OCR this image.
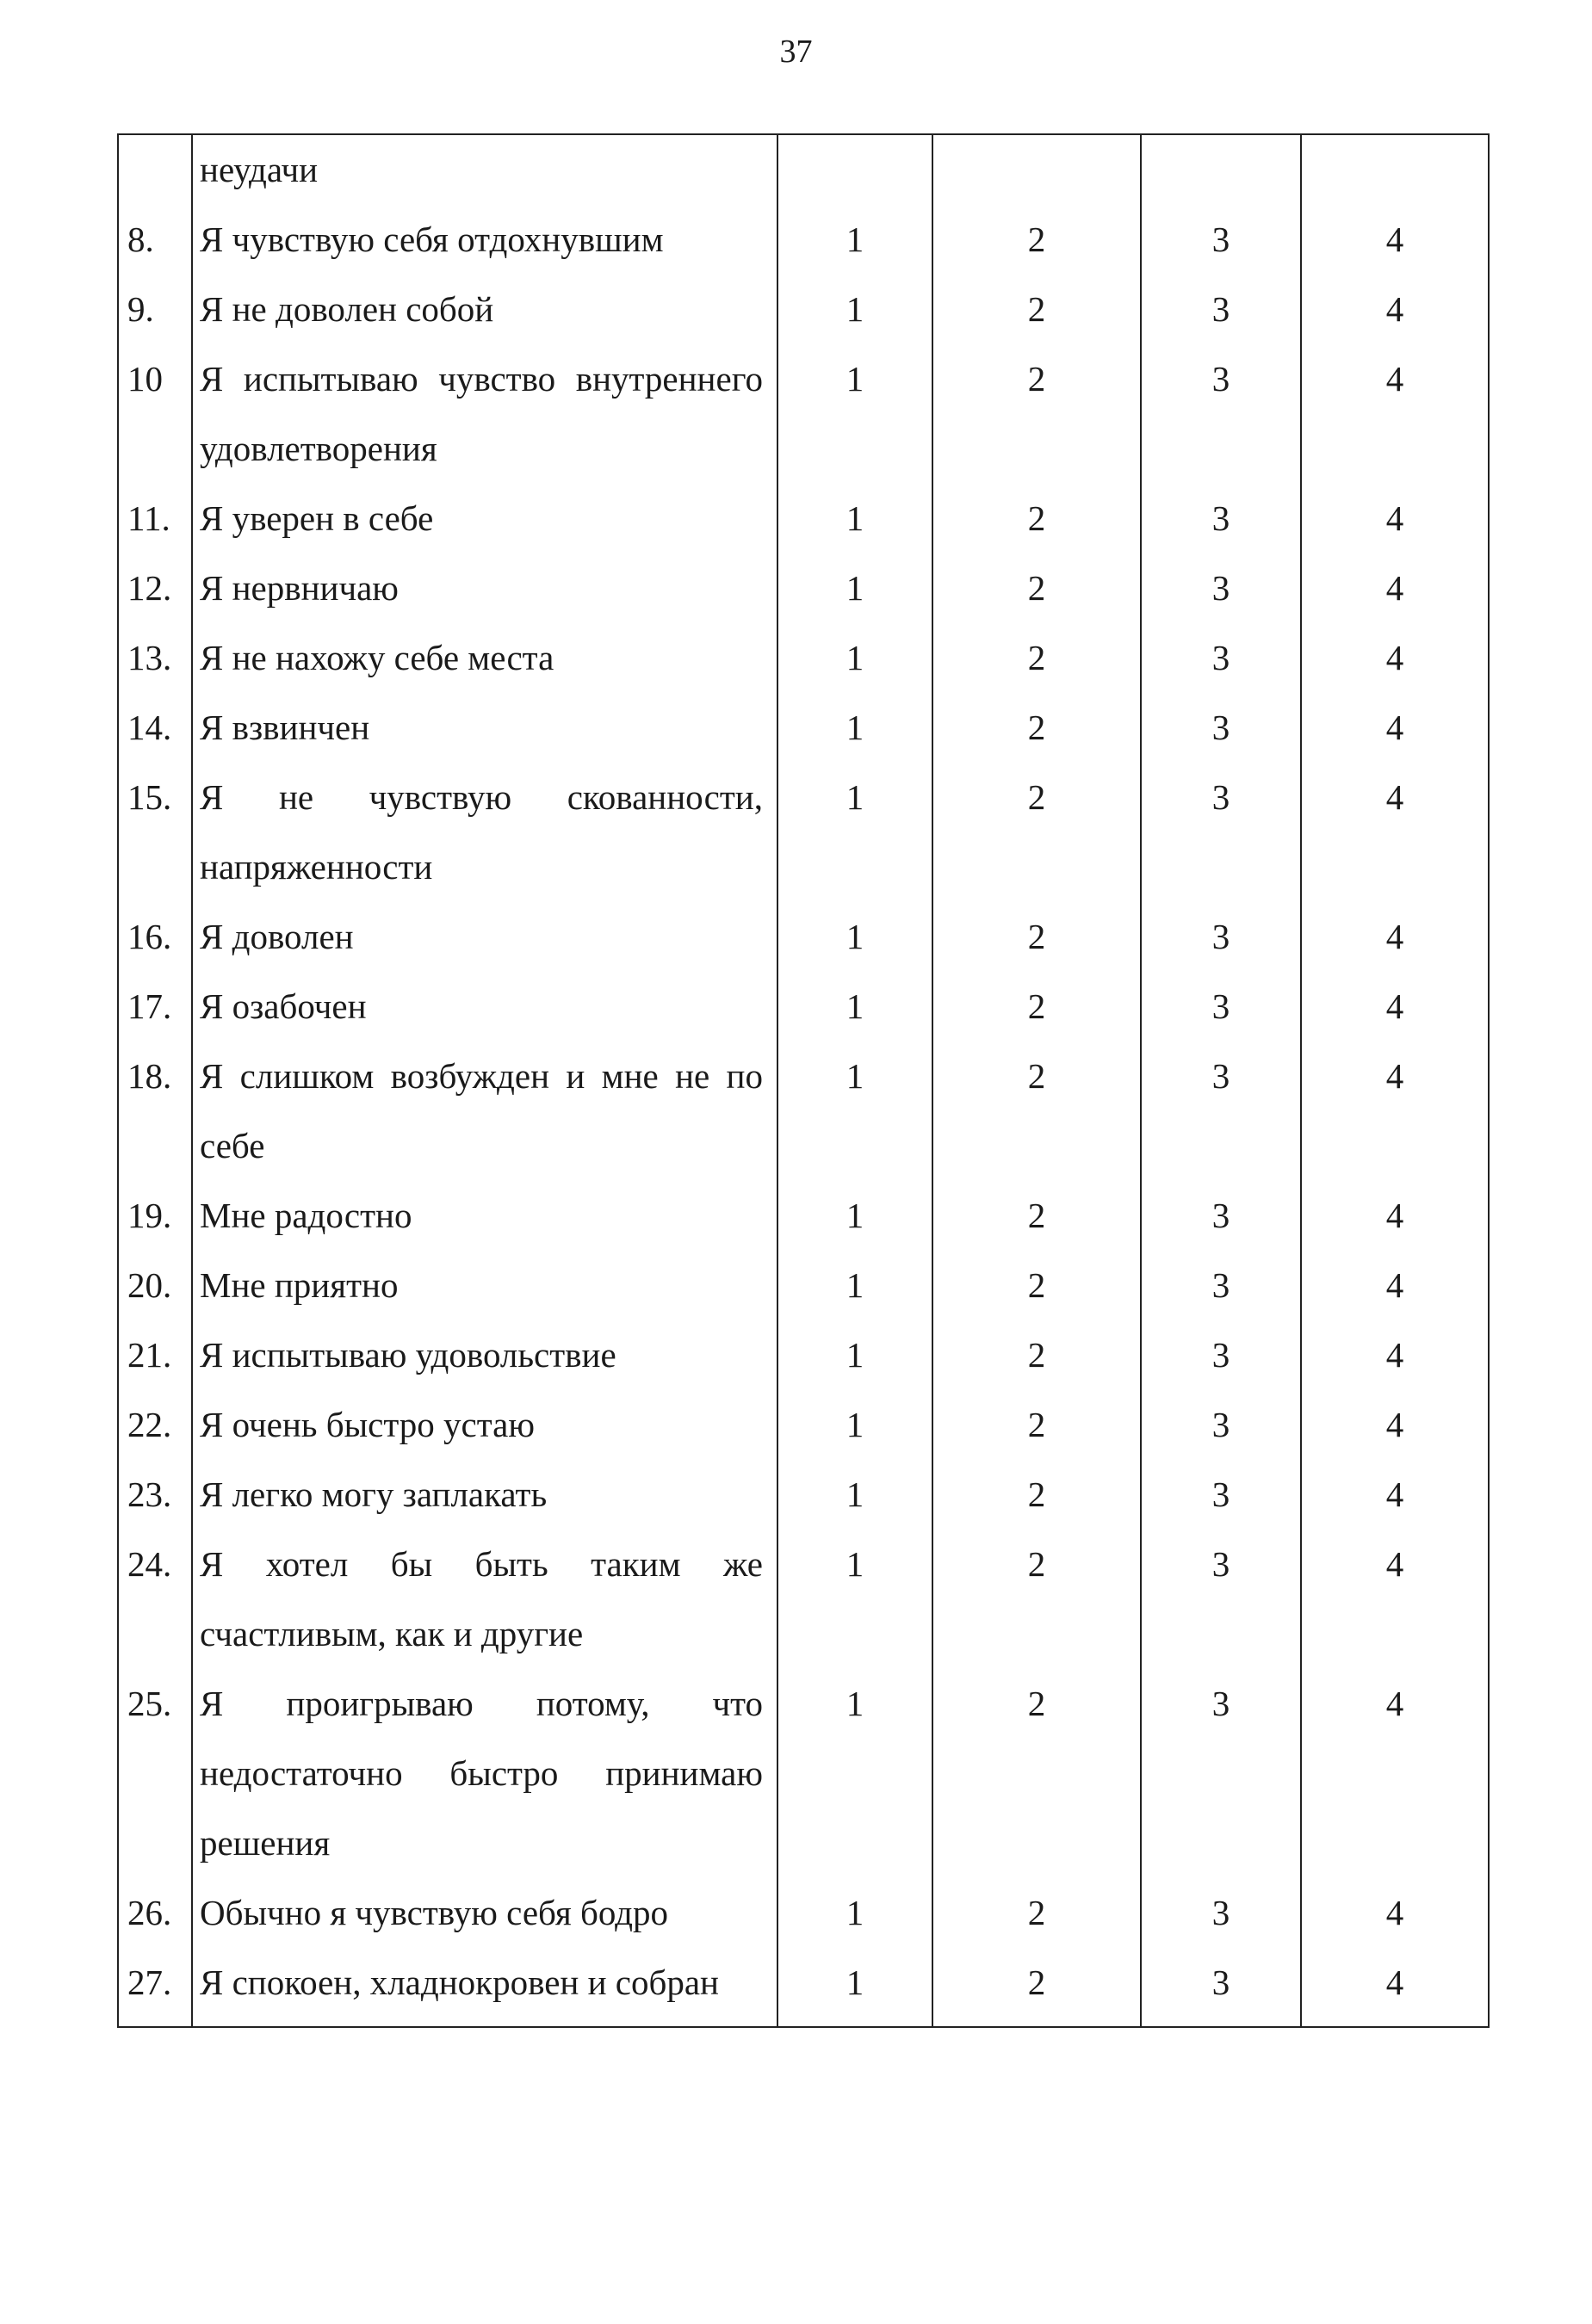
37
	неудачи				
8.	Я чувствую себя отдохнувшим	1	2	3	4
9.	Я не доволен собой	1	2	3	4
10	Я испытываю чувство внутреннего удовлетворения	1	2	3	4
11.	Я уверен в себе	1	2	3	4
12.	Я нервничаю	1	2	3	4
13.	Я не нахожу себе места	1	2	3	4
14.	Я взвинчен	1	2	3	4
15.	Я не чувствую скованности, напряженности	1	2	3	4
16.	Я доволен	1	2	3	4
17.	Я озабочен	1	2	3	4
18.	Я слишком возбужден и мне не по себе	1	2	3	4
19.	Мне радостно	1	2	3	4
20.	Мне приятно	1	2	3	4
21.	Я испытываю удовольствие	1	2	3	4
22.	Я очень быстро устаю	1	2	3	4
23.	Я легко могу заплакать	1	2	3	4
24.	Я хотел бы быть таким же счастливым, как и другие	1	2	3	4
25.	Я проигрываю потому, что недостаточно быстро принимаю решения	1	2	3	4
26.	Обычно я чувствую себя бодро	1	2	3	4
27.	Я спокоен, хладнокровен и собран	1	2	3	4
